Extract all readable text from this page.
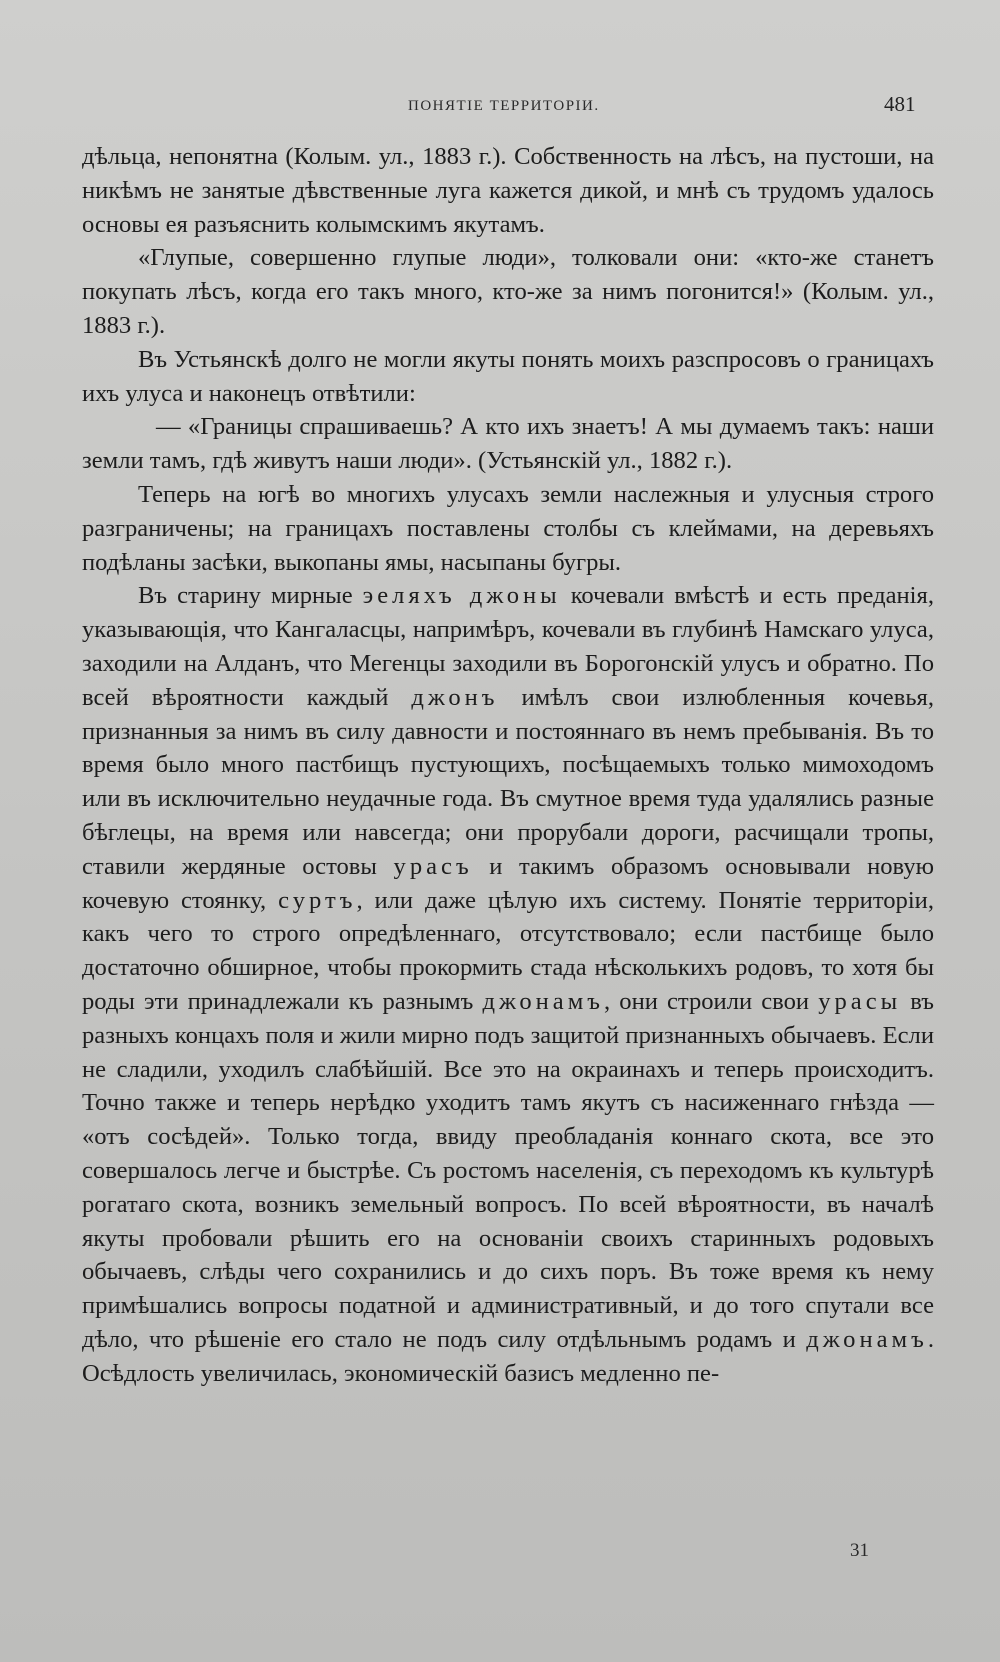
ПОНЯТІЕ ТЕРРИТОРІИ.	481

дѣльца, непонятна (Колым. ул., 1883 г.). Собственность на лѣсъ, на пустоши, на никѣмъ не занятые дѣвственные луга кажется дикой, и мнѣ съ трудомъ удалось основы ея разъяснить колымскимъ якутамъ.

«Глупые, совершенно глупые люди», толковали они: «кто-же станетъ покупать лѣсъ, когда его такъ много, кто-же за нимъ погонится!» (Колым. ул., 1883 г.).

Въ Устьянскѣ долго не могли якуты понять моихъ разспросовъ о границахъ ихъ улуса и наконецъ отвѣтили:

— «Границы спрашиваешь? А кто ихъ знаетъ! А мы думаемъ такъ: наши земли тамъ, гдѣ живутъ наши люди». (Устьянскій ул., 1882 г.).

Теперь на югѣ во многихъ улусахъ земли наслежныя и улусныя строго разграничены; на границахъ поставлены столбы съ клеймами, на деревьяхъ подѣланы засѣки, выкопаны ямы, насыпаны бугры.

Въ старину мирные эеляхъ джоны кочевали вмѣстѣ и есть преданія, указывающія, что Кангаласцы, напримѣръ, кочевали въ глубинѣ Намскаго улуса, заходили на Алданъ, что Мегенцы заходили въ Борогонскій улусъ и обратно. По всей вѣроятности каждый джонъ имѣлъ свои излюбленныя кочевья, признанныя за нимъ въ силу давности и постояннаго въ немъ пребыванія. Въ то время было много пастбищъ пустующихъ, посѣщаемыхъ только мимоходомъ или въ исключительно неудачные года. Въ смутное время туда удалялись разные бѣглецы, на время или навсегда; они прорубали дороги, расчищали тропы, ставили жердяные остовы урасъ и такимъ образомъ основывали новую кочевую стоянку, суртъ, или даже цѣлую ихъ систему. Понятіе территоріи, какъ чего то строго опредѣленнаго, отсутствовало; если пастбище было достаточно обширное, чтобы прокормить стада нѣсколькихъ родовъ, то хотя бы роды эти принадлежали къ разнымъ джонамъ, они строили свои урасы въ разныхъ концахъ поля и жили мирно подъ защитой признанныхъ обычаевъ. Если не сладили, уходилъ слабѣйшій. Все это на окраинахъ и теперь происходитъ. Точно также и теперь нерѣдко уходитъ тамъ якутъ съ насиженнаго гнѣзда — «отъ сосѣдей». Только тогда, ввиду преобладанія коннаго скота, все это совершалось легче и быстрѣе. Съ ростомъ населенія, съ переходомъ къ культурѣ рогатаго скота, возникъ земельный вопросъ. По всей вѣроятности, въ началѣ якуты пробовали рѣшить его на основаніи своихъ старинныхъ родовыхъ обычаевъ, слѣды чего сохранились и до сихъ поръ. Въ тоже время къ нему примѣшались вопросы податной и административный, и до того спутали все дѣло, что рѣшеніе его стало не подъ силу отдѣльнымъ родамъ и джонамъ. Осѣдлость увеличилась, экономическій базисъ медленно пе-

31
